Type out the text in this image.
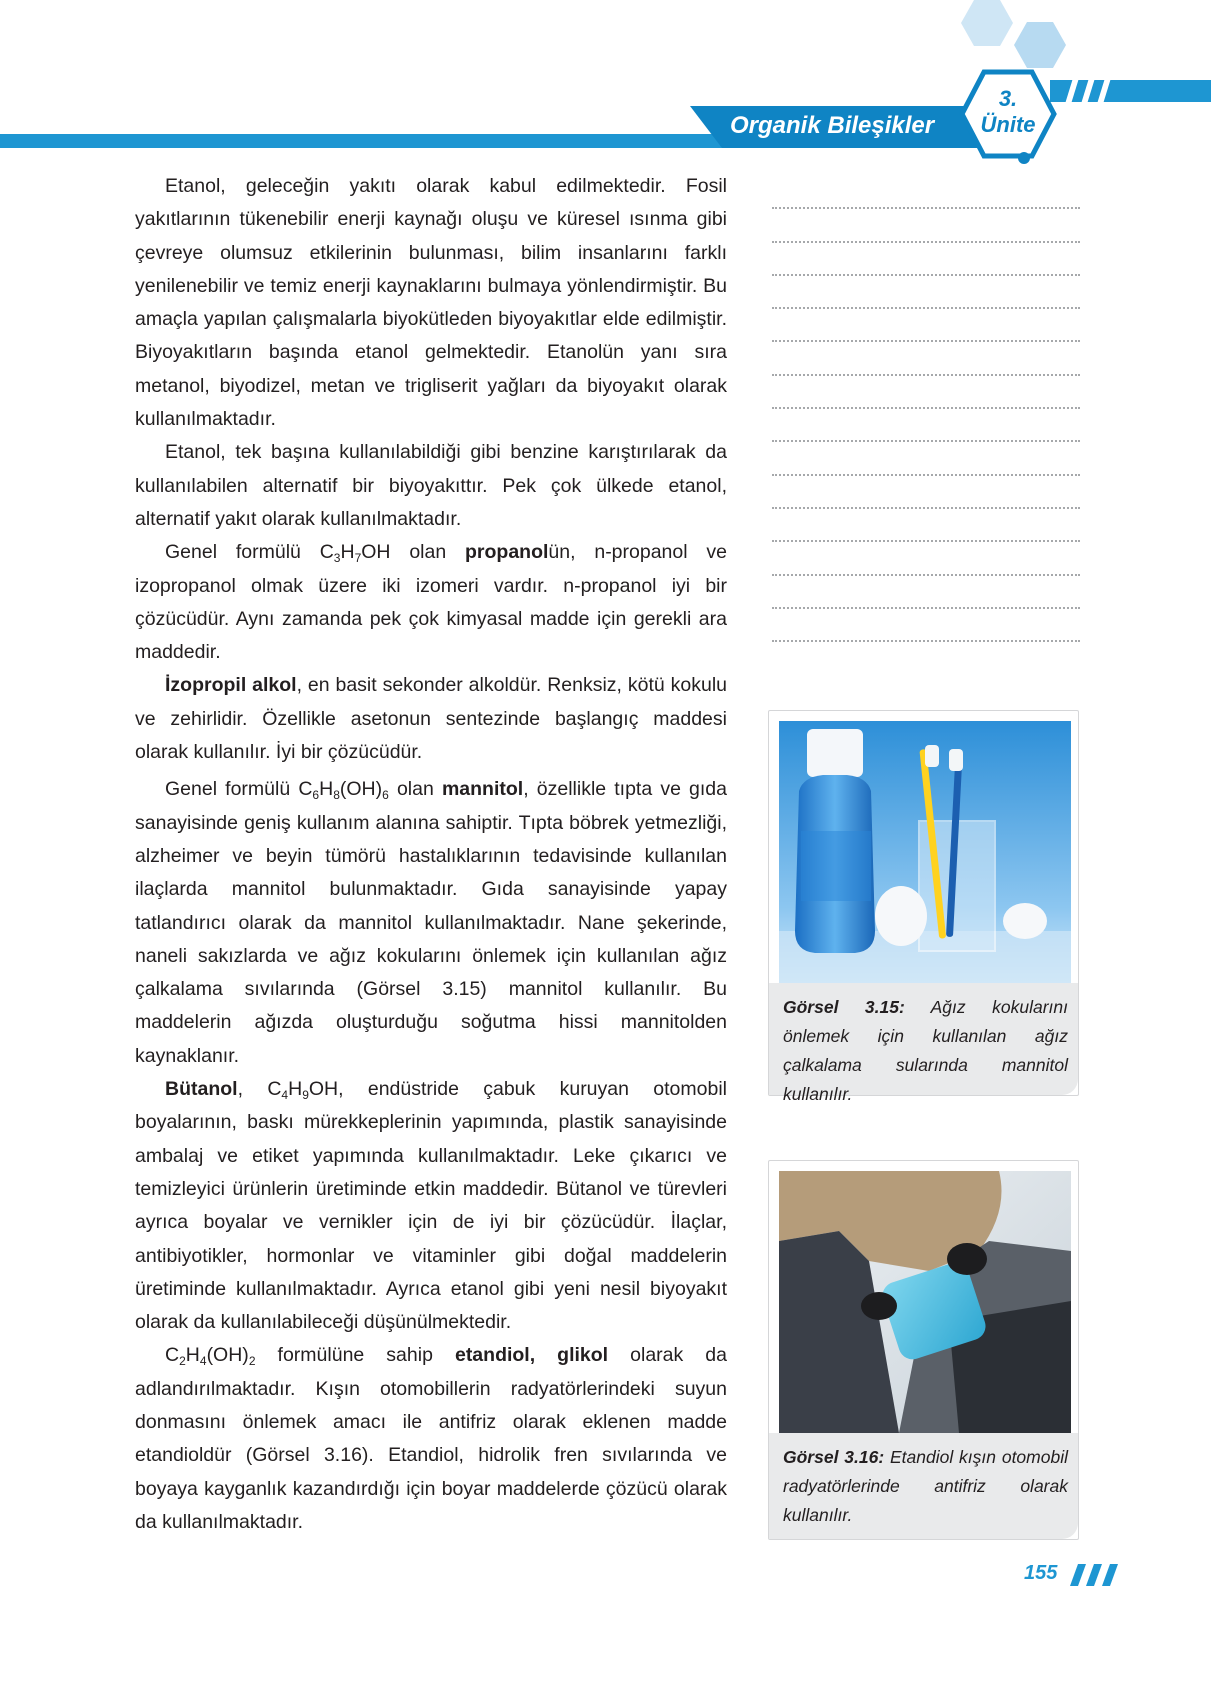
Organik Bileşikler
3.
Ünite

Etanol, geleceğin yakıtı olarak kabul edilmektedir. Fosil yakıtlarının tükenebilir enerji kaynağı oluşu ve küresel ısınma gibi çevreye olumsuz etkilerinin bulunması, bilim insanlarını farklı yenilenebilir ve temiz enerji kaynaklarını bulmaya yönlendirmiştir. Bu amaçla yapılan çalışmalarla biyokütleden biyoyakıtlar elde edilmiştir. Biyoyakıtların başında etanol gelmektedir. Etanolün yanı sıra metanol, biyodizel, metan ve trigliserit yağları da biyoyakıt olarak kullanılmaktadır.

Etanol, tek başına kullanılabildiği gibi benzine karıştırılarak da kullanılabilen alternatif bir biyoyakıttır. Pek çok ülkede etanol, alternatif yakıt olarak kullanılmaktadır.

Genel formülü $C_3H_7OH$ olan propanolün, n-propanol ve izopropanol olmak üzere iki izomeri vardır. n-propanol iyi bir çözücüdür. Aynı zamanda pek çok kimyasal madde için gerekli ara maddedir.

İzopropil alkol, en basit sekonder alkoldür. Renksiz, kötü kokulu ve zehirlidir. Özellikle asetonun sentezinde başlangıç maddesi olarak kullanılır. İyi bir çözücüdür.

Genel formülü $C_6H_8(OH)_6$ olan mannitol, özellikle tıpta ve gıda sanayisinde geniş kullanım alanına sahiptir. Tıpta böbrek yetmezliği, alzheimer ve beyin tümörü hastalıklarının tedavisinde kullanılan ilaçlarda mannitol bulunmaktadır. Gıda sanayisinde yapay tatlandırıcı olarak da mannitol kullanılmaktadır. Nane şekerinde, naneli sakızlarda ve ağız kokularını önlemek için kullanılan ağız çalkalama sıvılarında (Görsel 3.15) mannitol kullanılır. Bu maddelerin ağızda oluşturduğu soğutma hissi mannitolden kaynaklanır.

Bütanol, $C_4H_9OH$, endüstride çabuk kuruyan otomobil boyalarının, baskı mürekkeplerinin yapımında, plastik sanayisinde ambalaj ve etiket yapımında kullanılmaktadır. Leke çıkarıcı ve temizleyici ürünlerin üretiminde etkin maddedir. Bütanol ve türevleri ayrıca boyalar ve vernikler için de iyi bir çözücüdür. İlaçlar, antibiyotikler, hormonlar ve vitaminler gibi doğal maddelerin üretiminde kullanılmaktadır. Ayrıca etanol gibi yeni nesil biyoyakıt olarak da kullanılabileceği düşünülmektedir.

$C_2H_4(OH)_2$ formülüne sahip etandiol, glikol olarak da adlandırılmaktadır. Kışın otomobillerin radyatörlerindeki suyun donmasını önlemek amacı ile antifriz olarak eklenen madde etandioldür (Görsel 3.16). Etandiol, hidrolik fren sıvılarında ve boyaya kayganlık kazandırdığı için boyar maddelerde çözücü olarak da kullanılmaktadır.

Görsel 3.15: Ağız kokularını önlemek için kullanılan ağız çalkalama sularında mannitol kullanılır.
Görsel 3.16: Etandiol kışın otomobil radyatörlerinde antifriz olarak kullanılır.
155
